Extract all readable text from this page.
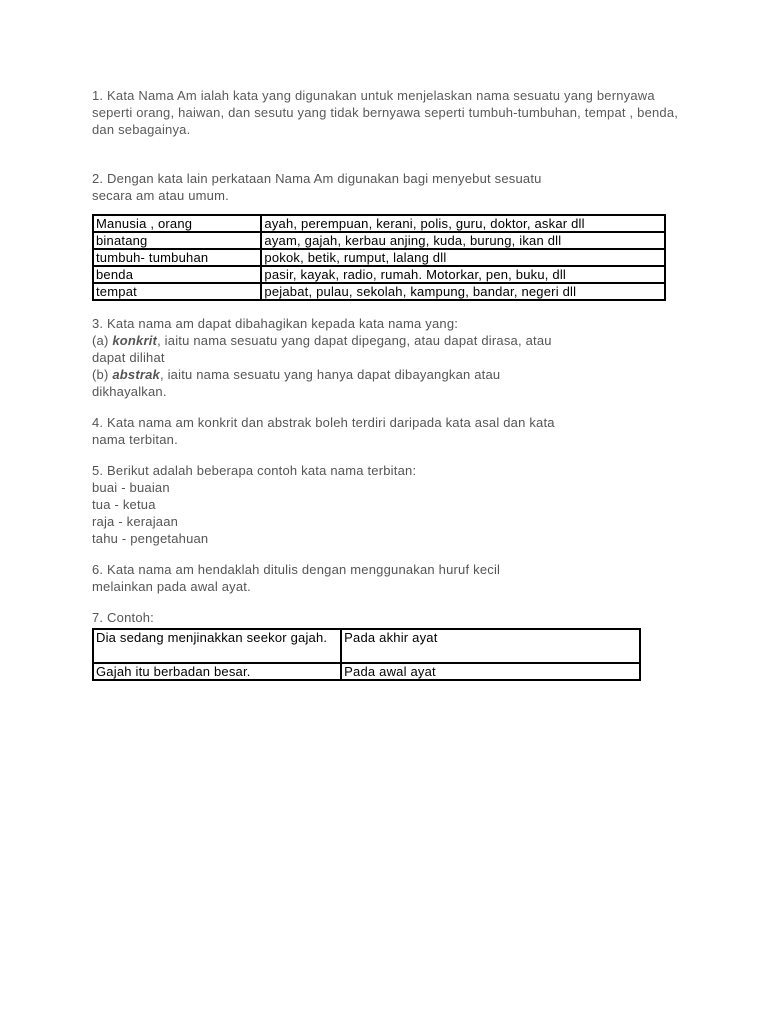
1. Kata Nama Am ialah kata yang digunakan untuk menjelaskan nama sesuatu yang bernyawa seperti orang, haiwan, dan sesutu yang tidak bernyawa seperti tumbuh-tumbuhan, tempat , benda, dan sebagainya.

2. Dengan kata lain perkataan Nama Am digunakan bagi menyebut sesuatu

secara am atau umum.

Manusia , orang	ayah, perempuan, kerani, polis, guru, doktor, askar dll
binatang	ayam, gajah, kerbau anjing, kuda, burung, ikan dll
tumbuh- tumbuhan	pokok, betik, rumput, lalang dll
benda	pasir, kayak, radio, rumah. Motorkar, pen, buku, dll
tempat	pejabat, pulau, sekolah, kampung, bandar, negeri dll

3. Kata nama am dapat dibahagikan kepada kata nama yang:

(a) konkrit, iaitu nama sesuatu yang dapat dipegang, atau dapat dirasa, atau

dapat dilihat

(b) abstrak, iaitu nama sesuatu yang hanya dapat dibayangkan atau

dikhayalkan.

4. Kata nama am konkrit dan abstrak boleh terdiri daripada kata asal dan kata

nama terbitan.

5. Berikut adalah beberapa contoh kata nama terbitan:

buai - buaian

tua - ketua

raja - kerajaan

tahu - pengetahuan

6. Kata nama am hendaklah ditulis dengan menggunakan huruf kecil

melainkan pada awal ayat.

7. Contoh:

Dia sedang menjinakkan seekor gajah.	Pada akhir ayat
Gajah itu berbadan besar.	Pada awal ayat
